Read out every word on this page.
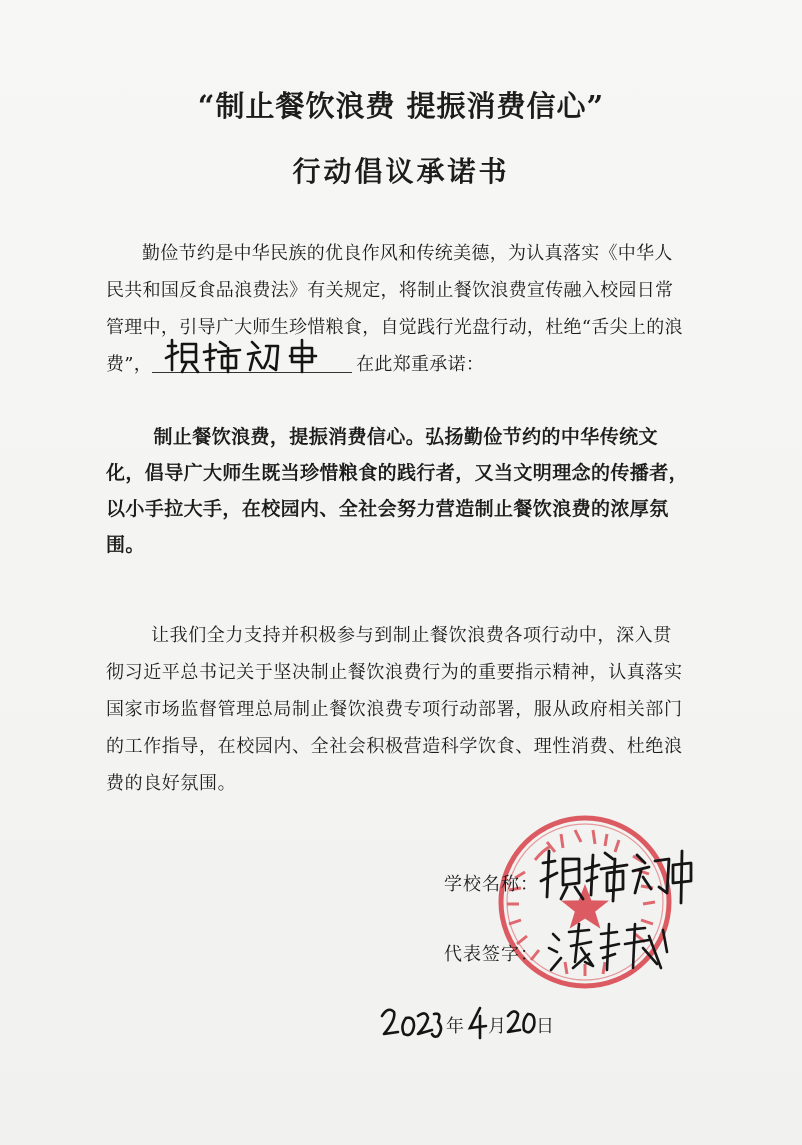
“制止餐饮浪费 提振消费信心”
行动倡议承诺书
勤俭节约是中华民族的优良作风和传统美德，为认真落实《中华人民共和国反食品浪费法》有关规定，将制止餐饮浪费宣传融入校园日常管理中，引导广大师生珍惜粮食，自觉践行光盘行动，杜绝“舌尖上的浪费”，	在此郑重承诺：
制止餐饮浪费，提振消费信心。弘扬勤俭节约的中华传统文化，倡导广大师生既当珍惜粮食的践行者，又当文明理念的传播者，以小手拉大手，在校园内、全社会努力营造制止餐饮浪费的浓厚氛围。
让我们全力支持并积极参与到制止餐饮浪费各项行动中，深入贯彻习近平总书记关于坚决制止餐饮浪费行为的重要指示精神，认真落实国家市场监督管理总局制止餐饮浪费专项行动部署，服从政府相关部门的工作指导，在校园内、全社会积极营造科学饮食、理性消费、杜绝浪费的良好氛围。
学校名称：
代表签字：
年 月 日
